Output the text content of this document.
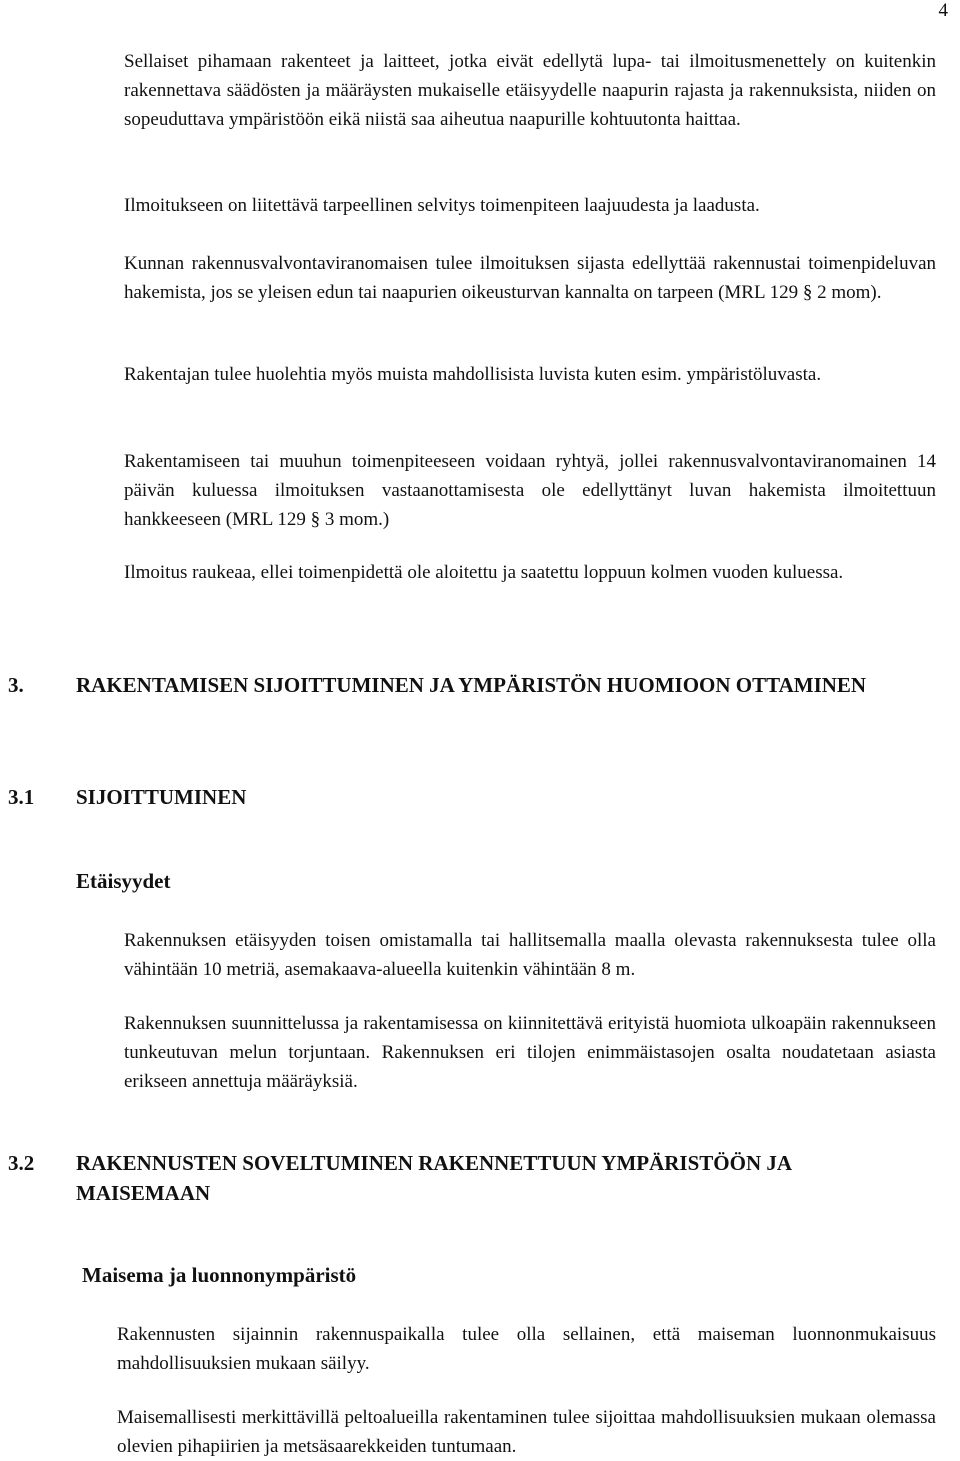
4

Sellaiset pihamaan rakenteet ja laitteet, jotka eivät edellytä lupa- tai ilmoitusmenettely on kuitenkin rakennettava säädösten ja määräysten mukaiselle etäisyydelle naapurin rajasta ja rakennuksista, niiden on sopeuduttava ympäristöön eikä niistä saa aiheutua naapurille kohtuutonta haittaa.

Ilmoitukseen on liitettävä tarpeellinen selvitys toimenpiteen laajuudesta ja laadusta.

Kunnan rakennusvalvontaviranomaisen tulee ilmoituksen sijasta edellyttää rakennustai toimenpideluvan hakemista, jos se yleisen edun tai naapurien oikeusturvan kannalta on tarpeen (MRL 129 § 2 mom).

Rakentajan tulee huolehtia myös muista mahdollisista luvista kuten esim. ympäristöluvasta.

Rakentamiseen tai muuhun toimenpiteeseen voidaan ryhtyä, jollei rakennusvalvontaviranomainen 14 päivän kuluessa ilmoituksen vastaanottamisesta ole edellyttänyt luvan hakemista ilmoitettuun hankkeeseen (MRL 129 § 3 mom.)

Ilmoitus raukeaa, ellei toimenpidettä ole aloitettu ja saatettu loppuun kolmen vuoden kuluessa.

3. RAKENTAMISEN SIJOITTUMINEN JA YMPÄRISTÖN HUOMIOON OTTAMINEN
3.1 SIJOITTUMINEN
Etäisyydet

Rakennuksen etäisyyden toisen omistamalla tai hallitsemalla maalla olevasta rakennuksesta tulee olla vähintään 10 metriä, asemakaava-alueella kuitenkin vähintään 8 m.

Rakennuksen suunnittelussa ja rakentamisessa on kiinnitettävä erityistä huomiota ulkoapäin rakennukseen tunkeutuvan melun torjuntaan. Rakennuksen eri tilojen enimmäistasojen osalta noudatetaan asiasta erikseen annettuja määräyksiä.

3.2 RAKENNUSTEN SOVELTUMINEN RAKENNETTUUN YMPÄRISTÖÖN JA MAISEMAAN
Maisema ja luonnonympäristö

Rakennusten sijainnin rakennuspaikalla tulee olla sellainen, että maiseman luonnonmukaisuus mahdollisuuksien mukaan säilyy.

Maisemallisesti merkittävillä peltoalueilla rakentaminen tulee sijoittaa mahdollisuuksien mukaan olemassa olevien pihapiirien ja metsäsaarekkeiden tuntumaan.
